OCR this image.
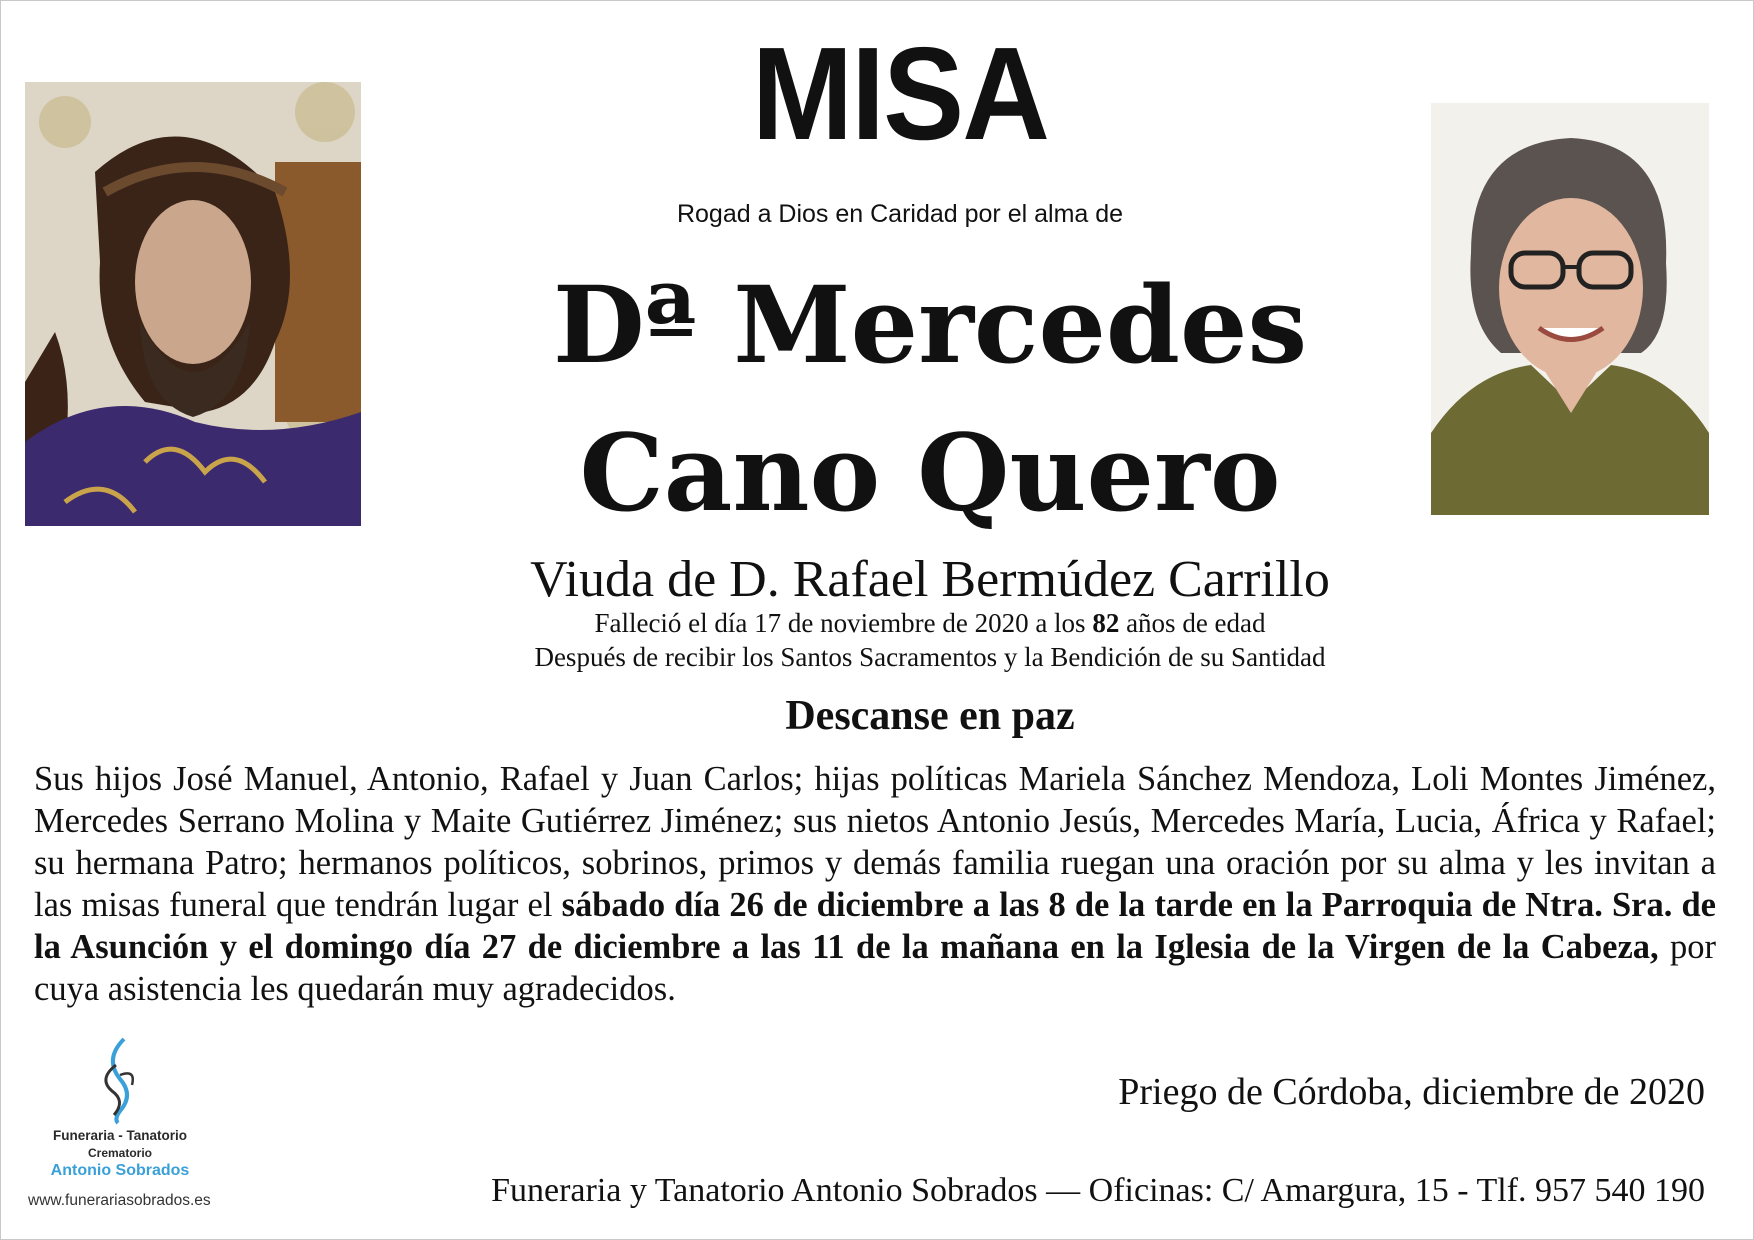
MISA
Rogad a Dios en Caridad por el alma de
Dª Mercedes
Cano Quero
Viuda de D. Rafael Bermúdez Carrillo
Falleció el día 17 de noviembre de 2020 a los 82 años de edad
Después de recibir los Santos Sacramentos y la Bendición de su Santidad
Descanse en paz
Sus hijos José Manuel, Antonio, Rafael y Juan Carlos; hijas políticas Mariela Sánchez Mendoza, Loli Montes Jiménez, Mercedes Serrano Molina y Maite Gutiérrez Jiménez; sus nietos Antonio Jesús, Mercedes María, Lucia, África y Rafael; su hermana Patro; hermanos políticos, sobrinos, primos y demás familia ruegan una oración por su alma y les invitan a las misas funeral que tendrán lugar el sábado día 26 de diciembre a las 8 de la tarde en la Parroquia de Ntra. Sra. de la Asunción y el domingo día 27 de diciembre a las 11 de la mañana en la Iglesia de la Virgen de la Cabeza, por cuya asistencia les quedarán muy agradecidos.
Priego de Córdoba, diciembre de 2020
Funeraria - Tanatorio
Crematorio
Antonio Sobrados
www.funerariasobrados.es	Funeraria y Tanatorio Antonio Sobrados — Oficinas: C/ Amargura, 15 - Tlf. 957 540 190
